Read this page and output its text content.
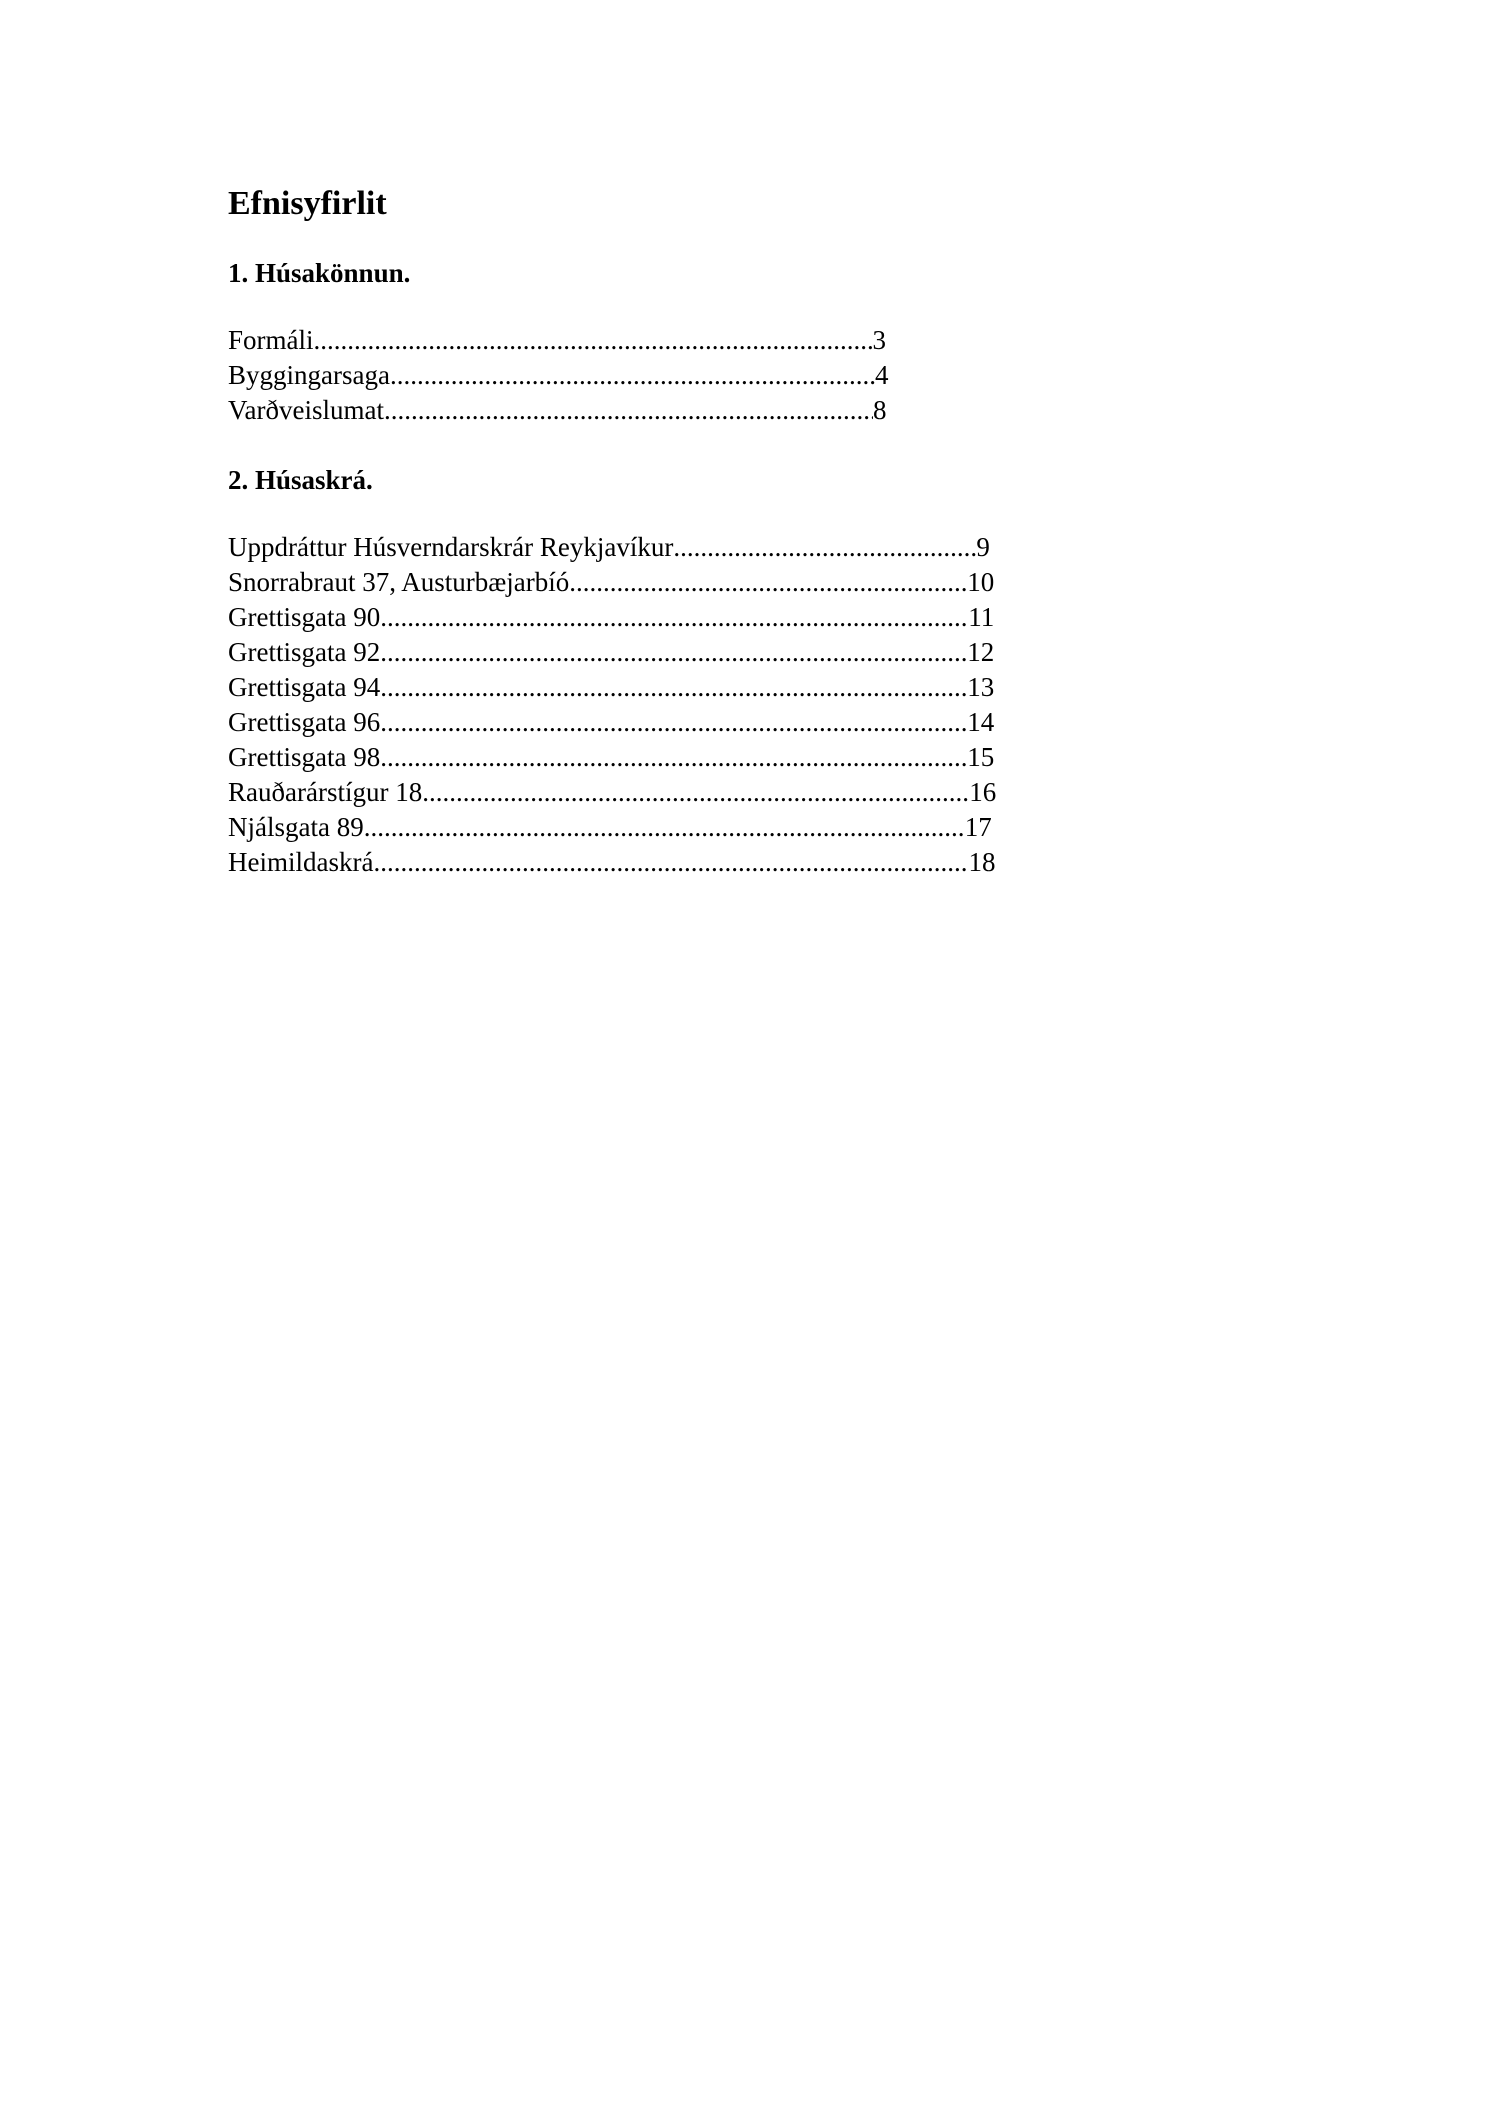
Efnisyfirlit
1. Húsakönnun.
Formáli .....	3
Byggingarsaga .....	4
Varðveislumat .....	8
2. Húsaskrá.
Uppdráttur Húsverndarskrár Reykjavíkur .....	9
Snorrabraut 37, Austurbæjarbíó .....	10
Grettisgata 90 .....	11
Grettisgata 92 .....	12
Grettisgata 94 .....	13
Grettisgata 96 .....	14
Grettisgata 98 .....	15
Rauðarárstígur 18 .....	16
Njálsgata 89 .....	17
Heimildaskrá .....	18
